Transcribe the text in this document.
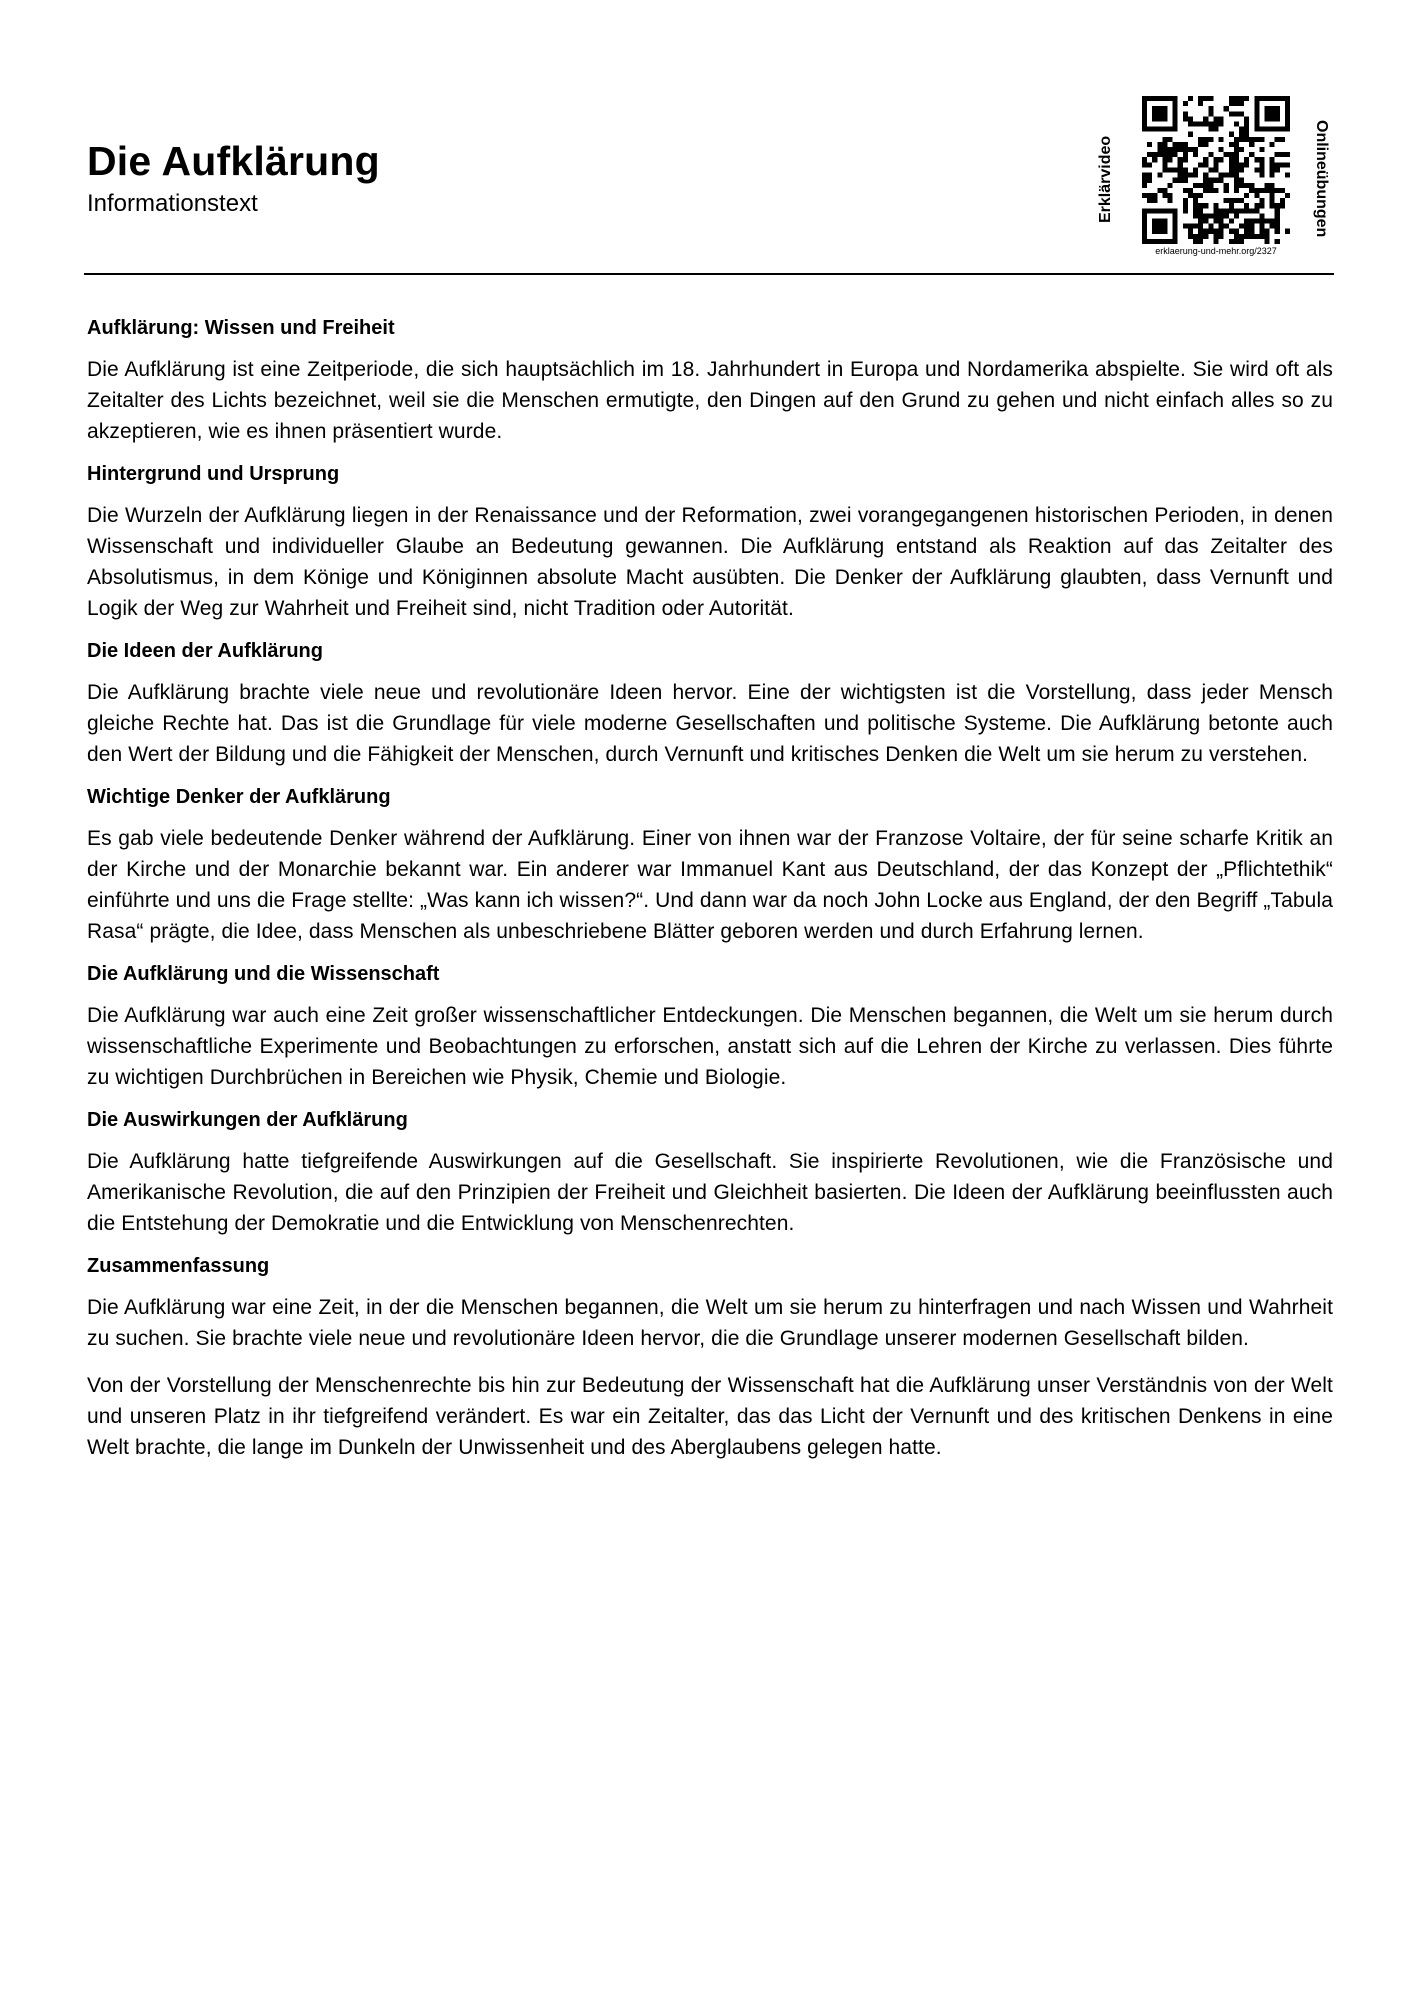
Die Aufklärung
Informationstext	Erklärvideo	Onlineübungen
erklaerung-und-mehr.org/2327
Aufklärung: Wissen und Freiheit

Die Aufklärung ist eine Zeitperiode, die sich hauptsächlich im 18. Jahrhundert in Europa und Nordamerika abspielte. Sie wird oft als Zeitalter des Lichts bezeichnet, weil sie die Menschen ermutigte, den Dingen auf den Grund zu gehen und nicht einfach alles so zu akzeptieren, wie es ihnen präsentiert wurde.

Hintergrund und Ursprung

Die Wurzeln der Aufklärung liegen in der Renaissance und der Reformation, zwei vorangegangenen historischen Perioden, in denen Wissenschaft und individueller Glaube an Bedeutung gewannen. Die Aufklärung entstand als Reaktion auf das Zeitalter des Absolutismus, in dem Könige und Königinnen absolute Macht ausübten. Die Denker der Aufklärung glaubten, dass Vernunft und Logik der Weg zur Wahrheit und Freiheit sind, nicht Tradition oder Autorität.

Die Ideen der Aufklärung

Die Aufklärung brachte viele neue und revolutionäre Ideen hervor. Eine der wichtigsten ist die Vorstellung, dass jeder Mensch gleiche Rechte hat. Das ist die Grundlage für viele moderne Gesellschaften und politische Systeme. Die Aufklärung betonte auch den Wert der Bildung und die Fähigkeit der Menschen, durch Vernunft und kritisches Denken die Welt um sie herum zu verstehen.

Wichtige Denker der Aufklärung

Es gab viele bedeutende Denker während der Aufklärung. Einer von ihnen war der Franzose Voltaire, der für seine scharfe Kritik an der Kirche und der Monarchie bekannt war. Ein anderer war Immanuel Kant aus Deutschland, der das Konzept der „Pflichtethik“ einführte und uns die Frage stellte: „Was kann ich wissen?“. Und dann war da noch John Locke aus England, der den Begriff „Tabula Rasa“ prägte, die Idee, dass Menschen als unbeschriebene Blätter geboren werden und durch Erfahrung lernen.

Die Aufklärung und die Wissenschaft

Die Aufklärung war auch eine Zeit großer wissenschaftlicher Entdeckungen. Die Menschen begannen, die Welt um sie herum durch wissenschaftliche Experimente und Beobachtungen zu erforschen, anstatt sich auf die Lehren der Kirche zu verlassen. Dies führte zu wichtigen Durchbrüchen in Bereichen wie Physik, Chemie und Biologie.

Die Auswirkungen der Aufklärung

Die Aufklärung hatte tiefgreifende Auswirkungen auf die Gesellschaft. Sie inspirierte Revolutionen, wie die Französische und Amerikanische Revolution, die auf den Prinzipien der Freiheit und Gleichheit basierten. Die Ideen der Aufklärung beeinflussten auch die Entstehung der Demokratie und die Entwicklung von Menschenrechten.

Zusammenfassung

Die Aufklärung war eine Zeit, in der die Menschen begannen, die Welt um sie herum zu hinterfragen und nach Wissen und Wahrheit zu suchen. Sie brachte viele neue und revolutionäre Ideen hervor, die die Grundlage unserer modernen Gesellschaft bilden.

Von der Vorstellung der Menschenrechte bis hin zur Bedeutung der Wissenschaft hat die Aufklärung unser Verständnis von der Welt und unseren Platz in ihr tiefgreifend verändert. Es war ein Zeitalter, das das Licht der Vernunft und des kritischen Denkens in eine Welt brachte, die lange im Dunkeln der Unwissenheit und des Aberglaubens gelegen hatte.
